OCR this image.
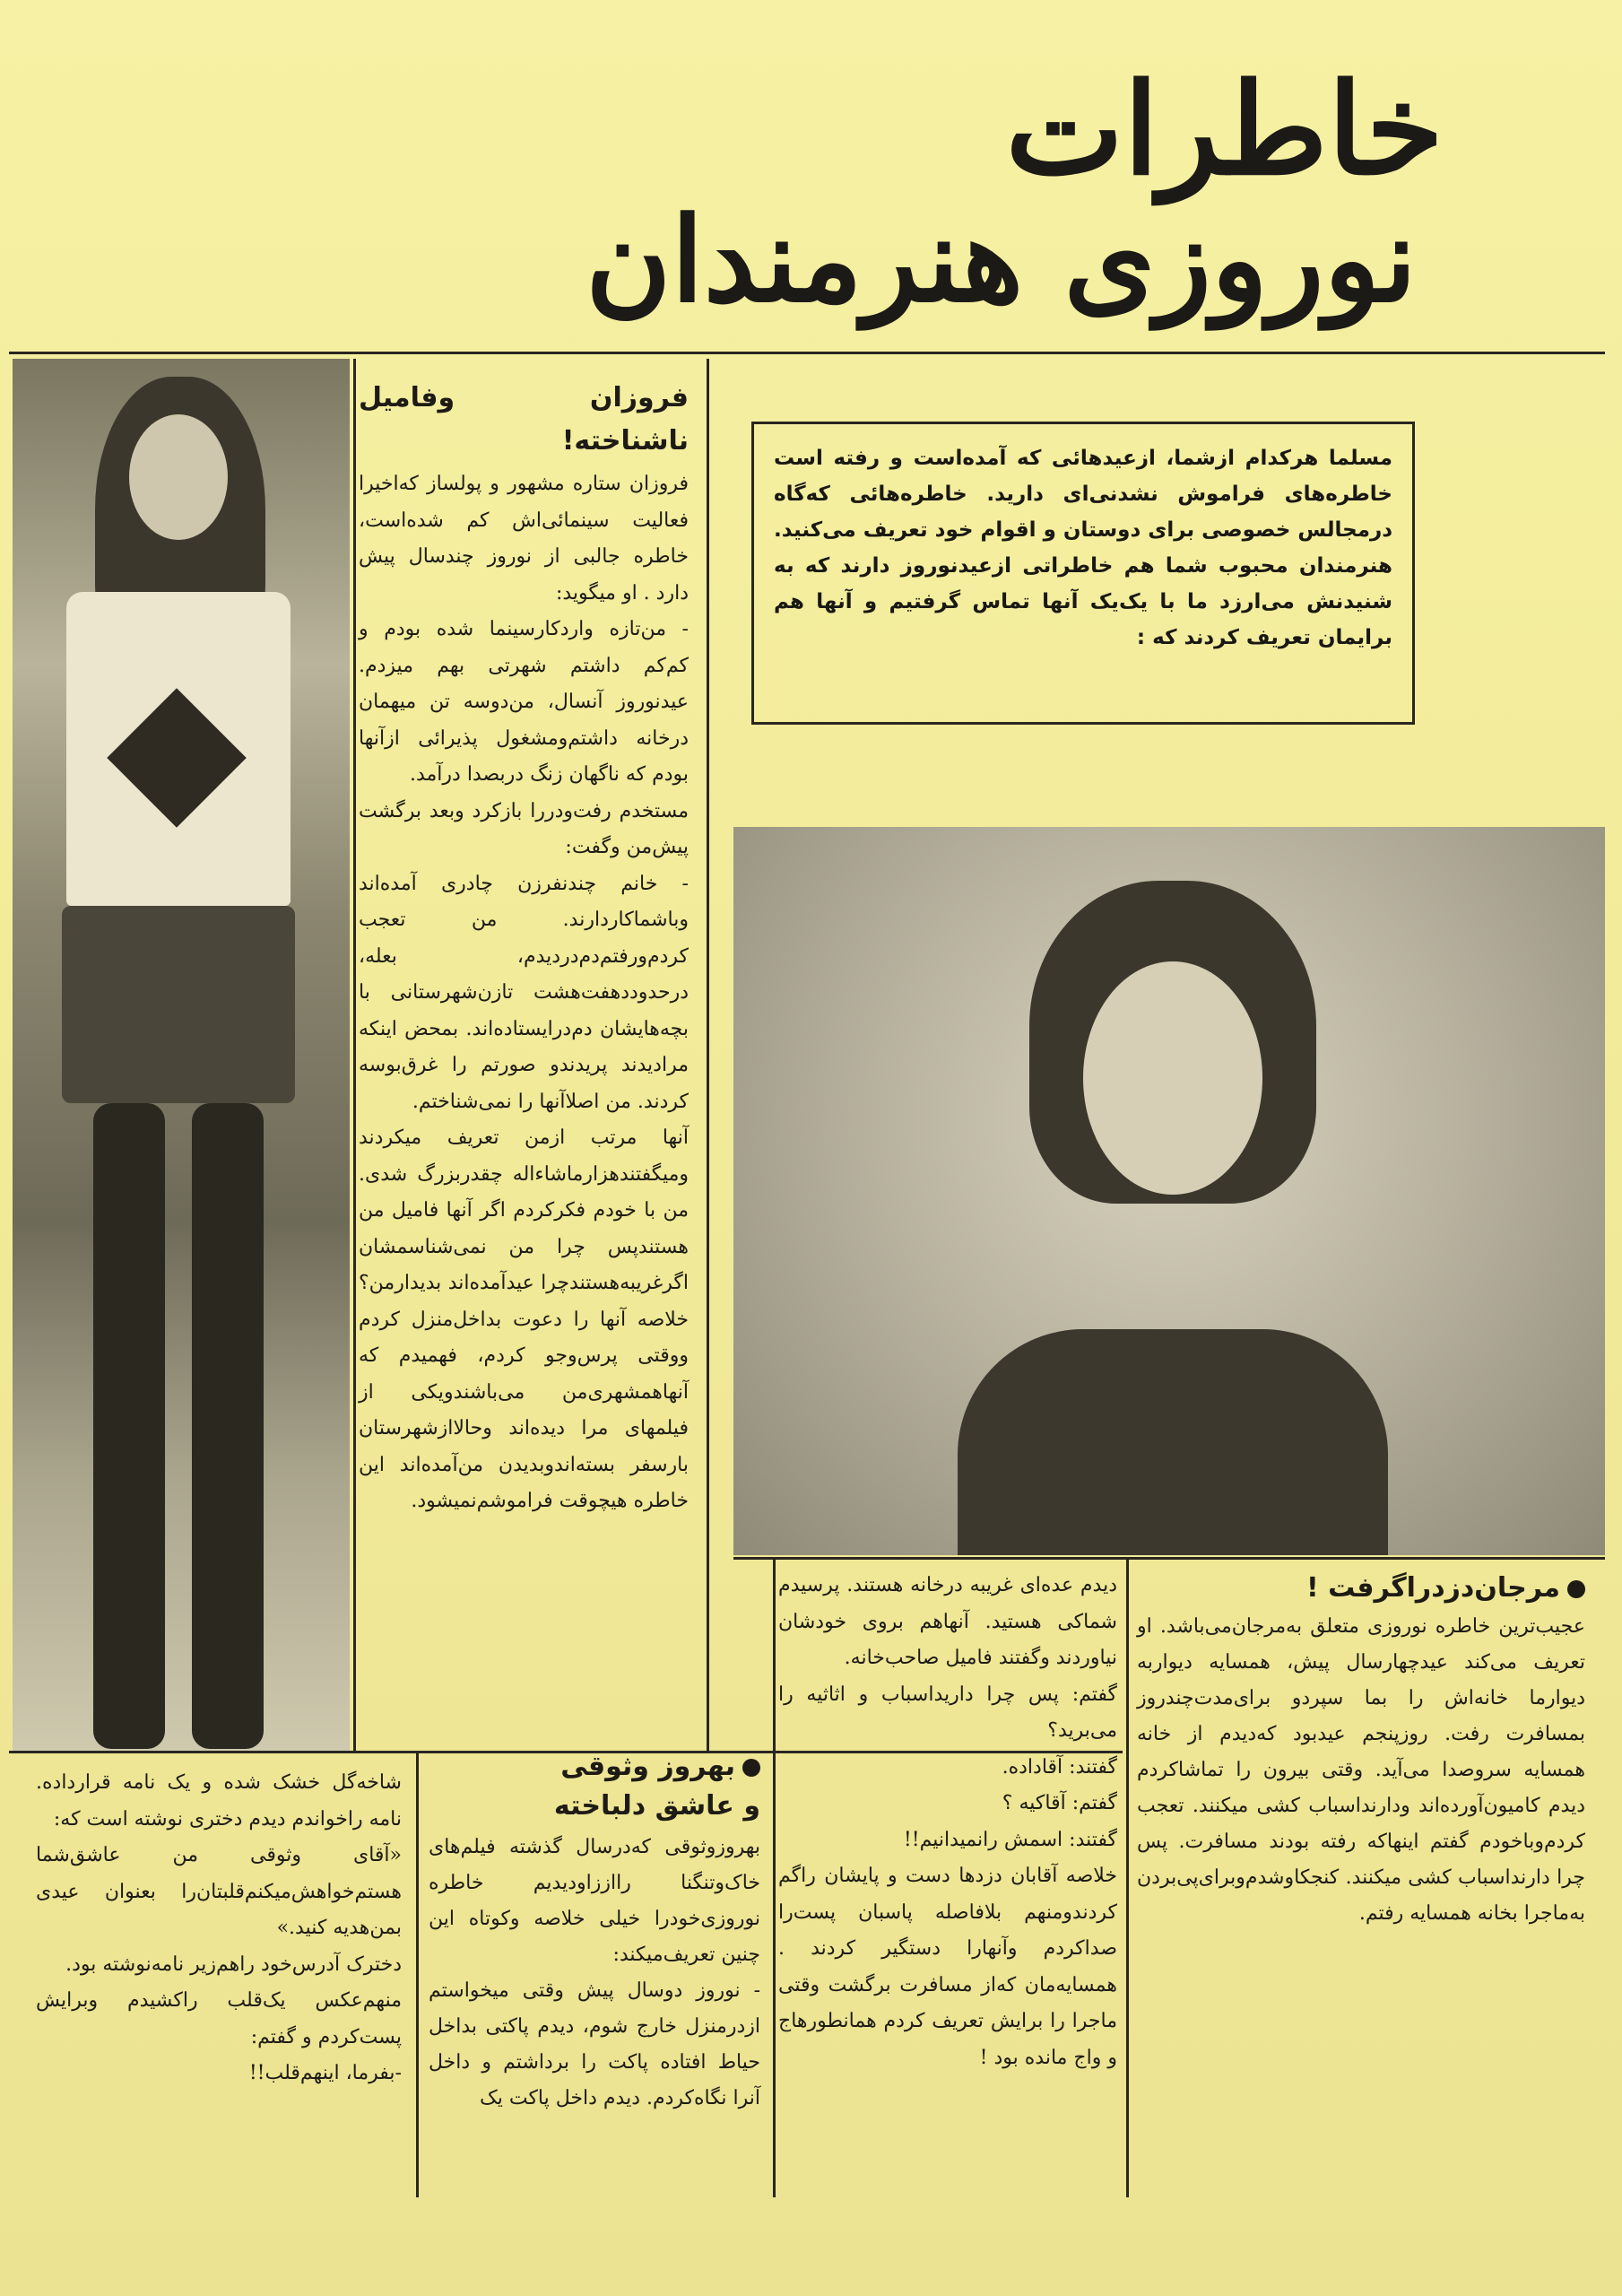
خاطرات
نوروزی هنرمندان

فروزان وفامیل ناشناخته!

فروزان ستاره مشهور و پولساز که‌اخیرا فعالیت سینمائی‌اش کم شده‌است، خاطره جالبی از نوروز چندسال پیش دارد . او میگوید:

- من‌تازه واردکارسینما شده بودم و کم‌کم داشتم شهرتی بهم میزدم. عیدنوروز آنسال، من‌دوسه تن میهمان درخانه داشتم‌ومشغول پذیرائی ازآنها بودم که ناگهان زنگ دربصدا درآمد.

مستخدم رفت‌ودررا بازکرد وبعد برگشت پیش‌من وگفت:

- خانم چندنفرزن چادری آمده‌اند وباشماکاردارند. من تعجب کردم‌ورفتم‌دم‌دردیدم، بعله، درحدوددهفت‌هشت تازن‌شهرستانی با بچه‌هایشان دم‌درایستاده‌اند. بمحض اینکه مرادیدند پریدندو صورتم را غرق‌بوسه کردند. من اصلاآنها را نمی‌شناختم.

آنها مرتب ازمن تعریف میکردند ومیگفتندهزارماشاءاله چقدربزرگ شدی. من با خودم فکرکردم اگر آنها فامیل من هستندپس چرا من نمی‌شناسمشان اگرغریبه‌هستندچرا عیدآمده‌اند بدیدارمن؟خلاصه آنها را دعوت بداخل‌منزل کردم ووقتی پرس‌وجو کردم، فهمیدم که آنهاهمشهری‌من می‌باشندویکی از فیلمهای مرا دیده‌اند وحالاازشهرستان بارسفر بسته‌اندوبدیدن من‌آمده‌اند این خاطره هیچوقت فراموشم‌نمیشود.

مسلما هرکدام ازشما، ازعیدهائی که آمده‌است و رفته است خاطره‌های فراموش نشدنی‌ای دارید. خاطره‌هائی که‌گاه درمجالس خصوصی برای دوستان و اقوام خود تعریف می‌کنید. هنرمندان محبوب شما هم خاطراتی ازعیدنوروز دارند که به شنیدنش می‌ارزد ما با یک‌یک آنها تماس گرفتیم و آنها هم برایمان تعریف کردند که :

مرجان‌دزدراگرفت !

عجیب‌ترین خاطره نوروزی متعلق به‌مرجان‌می‌باشد. او تعریف می‌کند عیدچهارسال پیش، همسایه دیواربه دیوارما خانه‌اش را بما سپردو برای‌مدت‌چندروز بمسافرت رفت. روزپنجم عیدبود که‌دیدم از خانه همسایه سروصدا می‌آید. وقتی بیرون را تماشاکردم دیدم کامیون‌آورده‌اند ودارنداسباب کشی میکنند. تعجب کردم‌وباخودم گفتم اینهاکه رفته بودند مسافرت. پس چرا دارنداسباب کشی میکنند. کنجکاوشدم‌وبرای‌پی‌بردن به‌ماجرا بخانه همسایه رفتم.

دیدم عده‌ای غریبه درخانه هستند. پرسیدم شماکی هستید. آنهاهم بروی خودشان نیاوردند وگفتند فامیل صاحب‌خانه.

گفتم: پس چرا دارید‌اسباب و اثاثیه را می‌برید؟

گفتند: آقاداده.

گفتم: آقاکیه ؟

گفتند: اسمش رانمیدانیم!!

خلاصه آقابان دزدها دست و پایشان راگم کردندومنهم بلافاصله پاسبان پست‌را صداکردم وآنهارا دستگیر کردند . همسایه‌مان که‌از مسافرت برگشت وقتی ماجرا را برایش تعریف کردم همانطورهاج و واج مانده بود !

بهروز وثوقی
و عاشق دلباخته

بهروزوثوقی که‌درسال گذشته فیلم‌های خاک‌وتنگنا رااززاودیدیم خاطره نوروزی‌خودرا خیلی خلاصه وکوتاه این چنین تعریف‌میکند:

- نوروز دوسال پیش وقتی میخواستم ازدرمنزل خارج شوم، دیدم پاکتی بداخل حیاط افتاده پاکت را برداشتم و داخل آنرا نگاه‌کردم. دیدم داخل پاکت یک

شاخه‌گل خشک شده و یک نامه قرارداده. نامه راخواندم دیدم دختری نوشته است که:

«آقای وثوقی من عاشق‌شما هستم‌خواهش‌میکنم‌قلبتان‌را بعنوان عیدی بمن‌هدیه کنید.»

دخترک آدرس‌خود راهم‌زیر نامه‌نوشته بود.

منهم‌عکس یک‌قلب راکشیدم وبرایش پست‌کردم و گفتم:

-بفرما، اینهم‌قلب!!
